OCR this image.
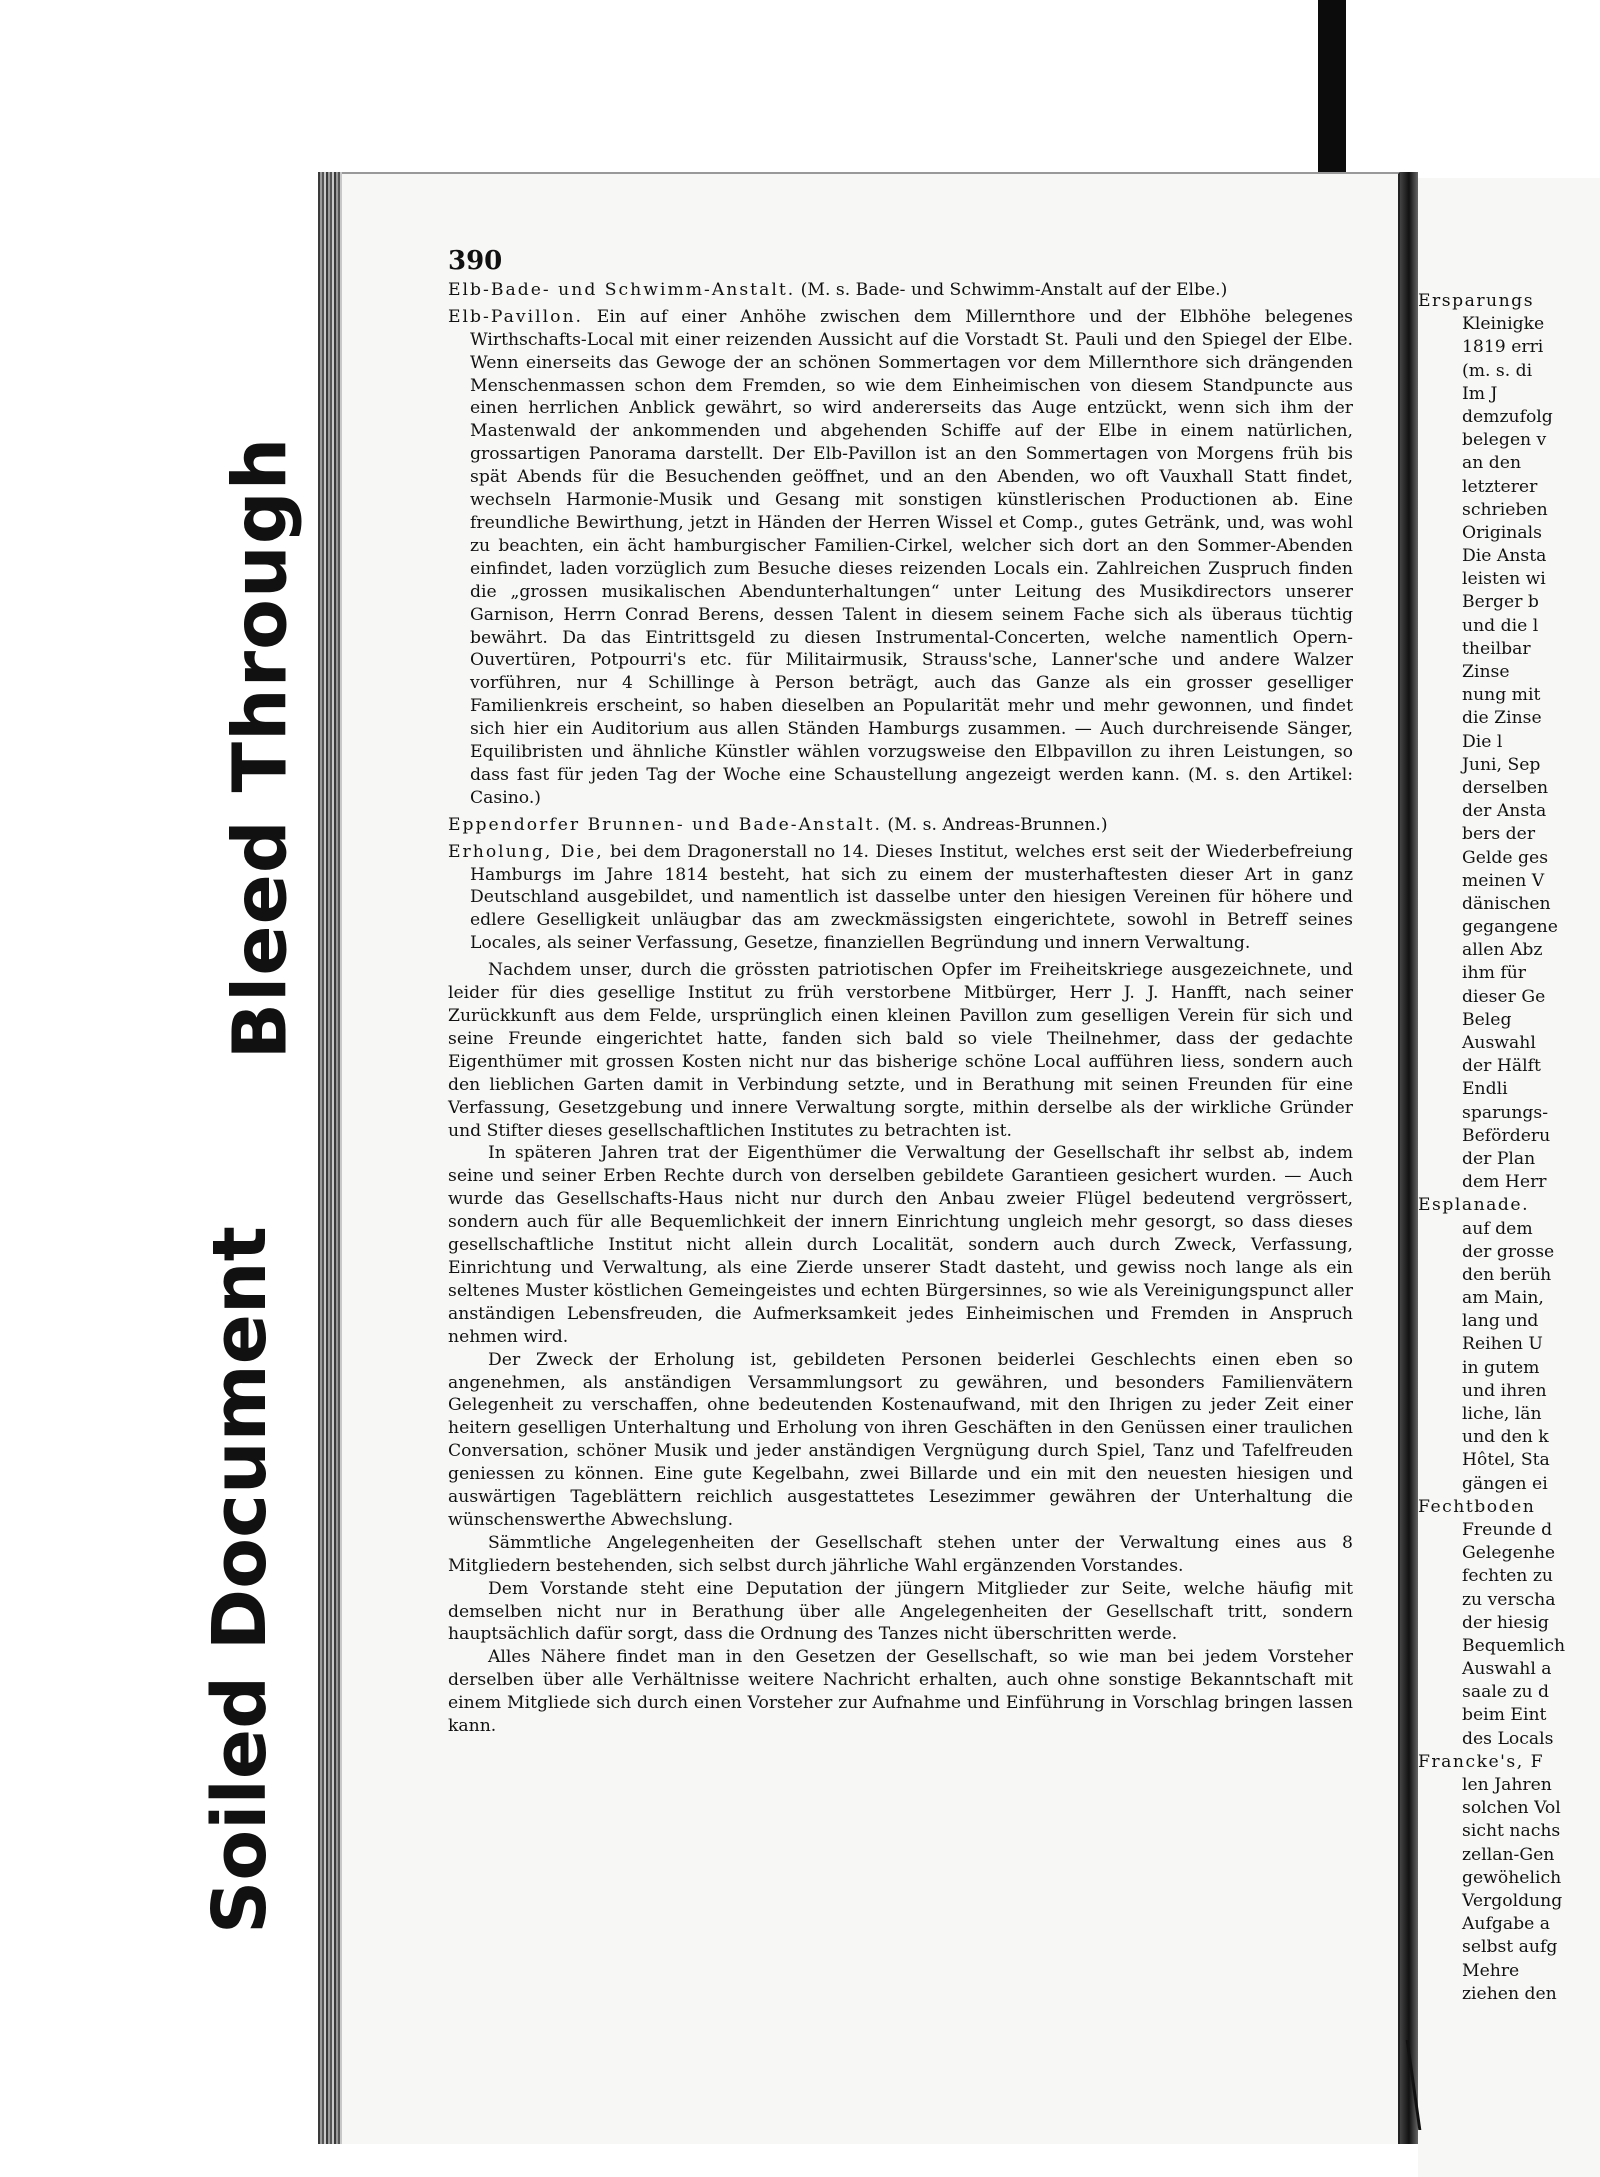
Bleed Through
Soiled Document
390

Elb-Bade- und Schwimm-Anstalt. (M. s. Bade- und Schwimm-Anstalt auf der Elbe.)

Elb-Pavillon. Ein auf einer Anhöhe zwischen dem Millernthore und der Elbhöhe belegenes Wirthschafts-Local mit einer reizenden Aussicht auf die Vorstadt St. Pauli und den Spiegel der Elbe. Wenn einerseits das Gewoge der an schönen Sommertagen vor dem Millernthore sich drängenden Menschenmassen schon dem Fremden, so wie dem Einheimischen von diesem Standpuncte aus einen herrlichen Anblick gewährt, so wird andererseits das Auge entzückt, wenn sich ihm der Mastenwald der ankommenden und abgehenden Schiffe auf der Elbe in einem natürlichen, grossartigen Panorama darstellt. Der Elb-Pavillon ist an den Sommertagen von Morgens früh bis spät Abends für die Besuchenden geöffnet, und an den Abenden, wo oft Vauxhall Statt findet, wechseln Harmonie-Musik und Gesang mit sonstigen künstlerischen Productionen ab. Eine freundliche Bewirthung, jetzt in Händen der Herren Wissel et Comp., gutes Getränk, und, was wohl zu beachten, ein ächt hamburgischer Familien-Cirkel, welcher sich dort an den Sommer-Abenden einfindet, laden vorzüglich zum Besuche dieses reizenden Locals ein. Zahlreichen Zuspruch finden die „grossen musikalischen Abendunterhaltungen“ unter Leitung des Musikdirectors unserer Garnison, Herrn Conrad Berens, dessen Talent in diesem seinem Fache sich als überaus tüchtig bewährt. Da das Eintrittsgeld zu diesen Instrumental-Concerten, welche namentlich Opern-Ouvertüren, Potpourri's etc. für Militairmusik, Strauss'sche, Lanner'sche und andere Walzer vorführen, nur 4 Schillinge à Person beträgt, auch das Ganze als ein grosser geselliger Familienkreis erscheint, so haben dieselben an Popularität mehr und mehr gewonnen, und findet sich hier ein Auditorium aus allen Ständen Hamburgs zusammen. — Auch durchreisende Sänger, Equilibristen und ähnliche Künstler wählen vorzugsweise den Elbpavillon zu ihren Leistungen, so dass fast für jeden Tag der Woche eine Schaustellung angezeigt werden kann. (M. s. den Artikel: Casino.)

Eppendorfer Brunnen- und Bade-Anstalt. (M. s. Andreas-Brunnen.)

Erholung, Die, bei dem Dragonerstall no 14. Dieses Institut, welches erst seit der Wiederbefreiung Hamburgs im Jahre 1814 besteht, hat sich zu einem der musterhaftesten dieser Art in ganz Deutschland ausgebildet, und namentlich ist dasselbe unter den hiesigen Vereinen für höhere und edlere Geselligkeit unläugbar das am zweckmässigsten eingerichtete, sowohl in Betreff seines Locales, als seiner Verfassung, Gesetze, finanziellen Begründung und innern Verwaltung.

Nachdem unser, durch die grössten patriotischen Opfer im Freiheitskriege ausgezeichnete, und leider für dies gesellige Institut zu früh verstorbene Mitbürger, Herr J. J. Hanfft, nach seiner Zurückkunft aus dem Felde, ursprünglich einen kleinen Pavillon zum geselligen Verein für sich und seine Freunde eingerichtet hatte, fanden sich bald so viele Theilnehmer, dass der gedachte Eigenthümer mit grossen Kosten nicht nur das bisherige schöne Local aufführen liess, sondern auch den lieblichen Garten damit in Verbindung setzte, und in Berathung mit seinen Freunden für eine Verfassung, Gesetzgebung und innere Verwaltung sorgte, mithin derselbe als der wirkliche Gründer und Stifter dieses gesellschaftlichen Institutes zu betrachten ist.

In späteren Jahren trat der Eigenthümer die Verwaltung der Gesellschaft ihr selbst ab, indem seine und seiner Erben Rechte durch von derselben gebildete Garantieen gesichert wurden. — Auch wurde das Gesellschafts-Haus nicht nur durch den Anbau zweier Flügel bedeutend vergrössert, sondern auch für alle Bequemlichkeit der innern Einrichtung ungleich mehr gesorgt, so dass dieses gesellschaftliche Institut nicht allein durch Localität, sondern auch durch Zweck, Verfassung, Einrichtung und Verwaltung, als eine Zierde unserer Stadt dasteht, und gewiss noch lange als ein seltenes Muster köstlichen Gemeingeistes und echten Bürgersinnes, so wie als Vereinigungspunct aller anständigen Lebensfreuden, die Aufmerksamkeit jedes Einheimischen und Fremden in Anspruch nehmen wird.

Der Zweck der Erholung ist, gebildeten Personen beiderlei Geschlechts einen eben so angenehmen, als anständigen Versammlungsort zu gewähren, und besonders Familienvätern Gelegenheit zu verschaffen, ohne bedeutenden Kostenaufwand, mit den Ihrigen zu jeder Zeit einer heitern geselligen Unterhaltung und Erholung von ihren Geschäften in den Genüssen einer traulichen Conversation, schöner Musik und jeder anständigen Vergnügung durch Spiel, Tanz und Tafelfreuden geniessen zu können. Eine gute Kegelbahn, zwei Billarde und ein mit den neuesten hiesigen und auswärtigen Tageblättern reichlich ausgestattetes Lesezimmer gewähren der Unterhaltung die wünschenswerthe Abwechslung.

Sämmtliche Angelegenheiten der Gesellschaft stehen unter der Verwaltung eines aus 8 Mitgliedern bestehenden, sich selbst durch jährliche Wahl ergänzenden Vorstandes.

Dem Vorstande steht eine Deputation der jüngern Mitglieder zur Seite, welche häufig mit demselben nicht nur in Berathung über alle Angelegenheiten der Gesellschaft tritt, sondern hauptsächlich dafür sorgt, dass die Ordnung des Tanzes nicht überschritten werde.

Alles Nähere findet man in den Gesetzen der Gesellschaft, so wie man bei jedem Vorsteher derselben über alle Verhältnisse weitere Nachricht erhalten, auch ohne sonstige Bekanntschaft mit einem Mitgliede sich durch einen Vorsteher zur Aufnahme und Einführung in Vorschlag bringen lassen kann.

Ersparungs
Kleinigke
1819 erri
(m. s. di
Im J
demzufolg
belegen v
an den
letzterer
schrieben
Originals
Die Ansta
leisten wi
Berger b
und die l
theilbar
Zinse
nung mit
die Zinse
Die l
Juni, Sep
derselben
der Ansta
bers der
Gelde ges
meinen V
dänischen
gegangene
allen Abz
ihm für
dieser Ge
Beleg
Auswahl
der Hälft
Endli
sparungs-
Beförderu
der Plan
dem Herr
Esplanade.
auf dem
der grosse
den berüh
am Main,
lang und
Reihen U
in gutem
und ihren
liche, län
und den k
Hôtel, Sta
gängen ei
Fechtboden
Freunde d
Gelegenhe
fechten zu
zu verscha
der hiesig
Bequemlich
Auswahl a
saale zu d
beim Eint
des Locals
Francke's, F
len Jahren
solchen Vol
sicht nachs
zellan-Gen
gewöhelich
Vergoldung
Aufgabe a
selbst aufg
Mehre
ziehen den
